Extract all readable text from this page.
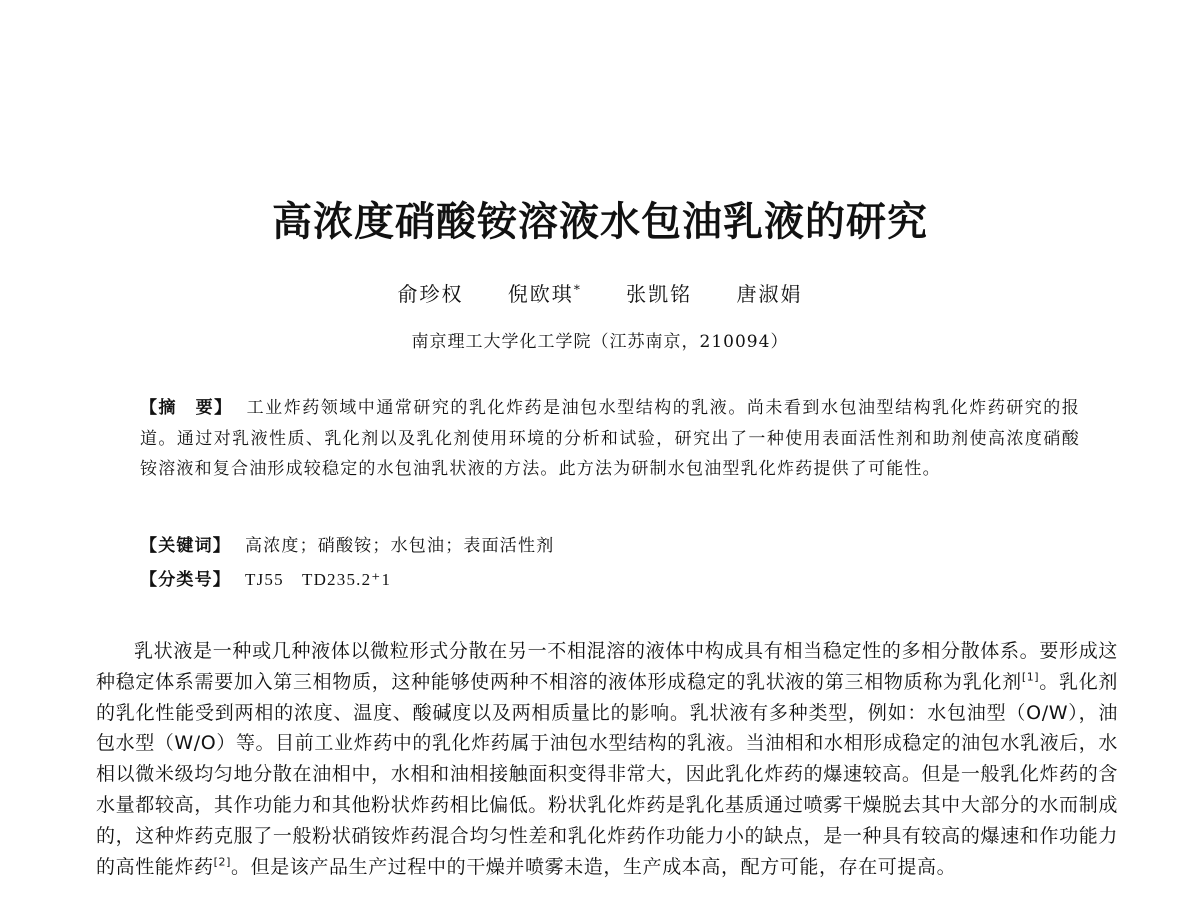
高浓度硝酸铵溶液水包油乳液的研究
俞珍权 倪欧琪* 张凯铭 唐淑娟
南京理工大学化工学院（江苏南京，210094）
【摘　要】 工业炸药领域中通常研究的乳化炸药是油包水型结构的乳液。尚未看到水包油型结构乳化炸药研究的报道。通过对乳液性质、乳化剂以及乳化剂使用环境的分析和试验，研究出了一种使用表面活性剂和助剂使高浓度硝酸铵溶液和复合油形成较稳定的水包油乳状液的方法。此方法为研制水包油型乳化炸药提供了可能性。
【关键词】 高浓度；硝酸铵；水包油；表面活性剂
【分类号】 TJ55　TD235.2⁺1
乳状液是一种或几种液体以微粒形式分散在另一不相混溶的液体中构成具有相当稳定性的多相分散体系。要形成这种稳定体系需要加入第三相物质，这种能够使两种不相溶的液体形成稳定的乳状液的第三相物质称为乳化剂[1]。乳化剂的乳化性能受到两相的浓度、温度、酸碱度以及两相质量比的影响。乳状液有多种类型，例如：水包油型（O/W），油包水型（W/O）等。目前工业炸药中的乳化炸药属于油包水型结构的乳液。当油相和水相形成稳定的油包水乳液后，水相以微米级均匀地分散在油相中，水相和油相接触面积变得非常大，因此乳化炸药的爆速较高。但是一般乳化炸药的含水量都较高，其作功能力和其他粉状炸药相比偏低。粉状乳化炸药是乳化基质通过喷雾干燥脱去其中大部分的水而制成的，这种炸药克服了一般粉状硝铵炸药混合均匀性差和乳化炸药作功能力小的缺点，是一种具有较高的爆速和作功能力的高性能炸药[2]。但是该产品生产过程中的干燥并喷雾未造，生产成本高，配方可能，存在可提高。
